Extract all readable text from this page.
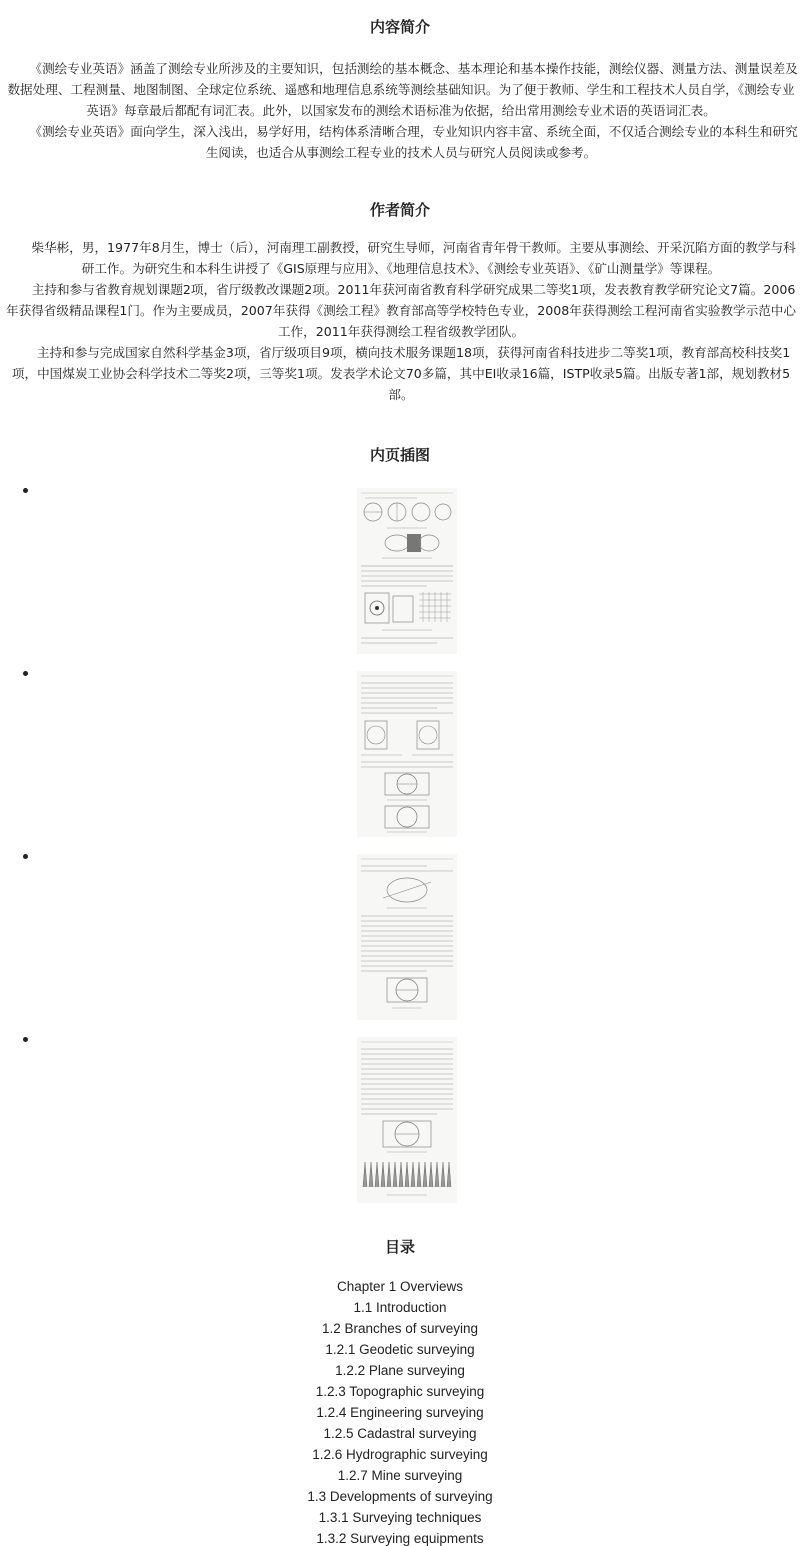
内容简介

《测绘专业英语》涵盖了测绘专业所涉及的主要知识，包括测绘的基本概念、基本理论和基本操作技能，测绘仪器、测量方法、测量误差及数据处理、工程测量、地图制图、全球定位系统、遥感和地理信息系统等测绘基础知识。为了便于教师、学生和工程技术人员自学，《测绘专业英语》每章最后都配有词汇表。此外，以国家发布的测绘术语标准为依据，给出常用测绘专业术语的英语词汇表。

《测绘专业英语》面向学生，深入浅出，易学好用，结构体系清晰合理，专业知识内容丰富、系统全面，不仅适合测绘专业的本科生和研究生阅读，也适合从事测绘工程专业的技术人员与研究人员阅读或参考。

作者简介

柴华彬，男，1977年8月生，博士（后），河南理工副教授，研究生导师，河南省青年骨干教师。主要从事测绘、开采沉陷方面的教学与科研工作。为研究生和本科生讲授了《GIS原理与应用》、《地理信息技术》、《测绘专业英语》、《矿山测量学》等课程。

主持和参与省教育规划课题2项，省厅级教改课题2项。2011年获河南省教育科学研究成果二等奖1项，发表教育教学研究论文7篇。2006年获得省级精品课程1门。作为主要成员，2007年获得《测绘工程》教育部高等学校特色专业，2008年获得测绘工程河南省实验教学示范中心工作，2011年获得测绘工程省级教学团队。

主持和参与完成国家自然科学基金3项，省厅级项目9项，横向技术服务课题18项，获得河南省科技进步二等奖1项，教育部高校科技奖1项，中国煤炭工业协会科学技术二等奖2项，三等奖1项。发表学术论文70多篇，其中EI收录16篇，ISTP收录5篇。出版专著1部，规划教材5部。

内页插图
目录
Chapter 1 Overviews
1.1 Introduction
1.2 Branches of surveying
1.2.1 Geodetic surveying
1.2.2 Plane surveying
1.2.3 Topographic surveying
1.2.4 Engineering surveying
1.2.5 Cadastral surveying
1.2.6 Hydrographic surveying
1.2.7 Mine surveying
1.3 Developments of surveying
1.3.1 Surveying techniques
1.3.2 Surveying equipments
